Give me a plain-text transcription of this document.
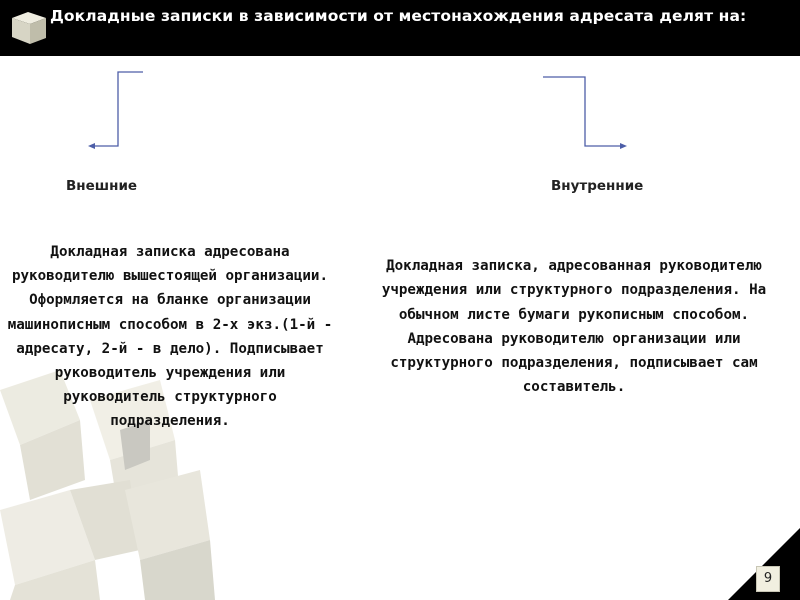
Докладные записки в зависимости от местонахождения адресата делят на:
Внешние	Внутренние
Докладная записка адресована руководителю вышестоящей организации. Оформляется на бланке организации машинописным способом в 2-х экз.(1-й - адресату, 2-й - в дело). Подписывает руководитель учреждения или руководитель структурного подразделения.
Докладная записка, адресованная руководителю учреждения или структурного подразделения. На обычном листе бумаги рукописным способом. Адресована руководителю организации или структурного подразделения, подписывает сам составитель.
9
